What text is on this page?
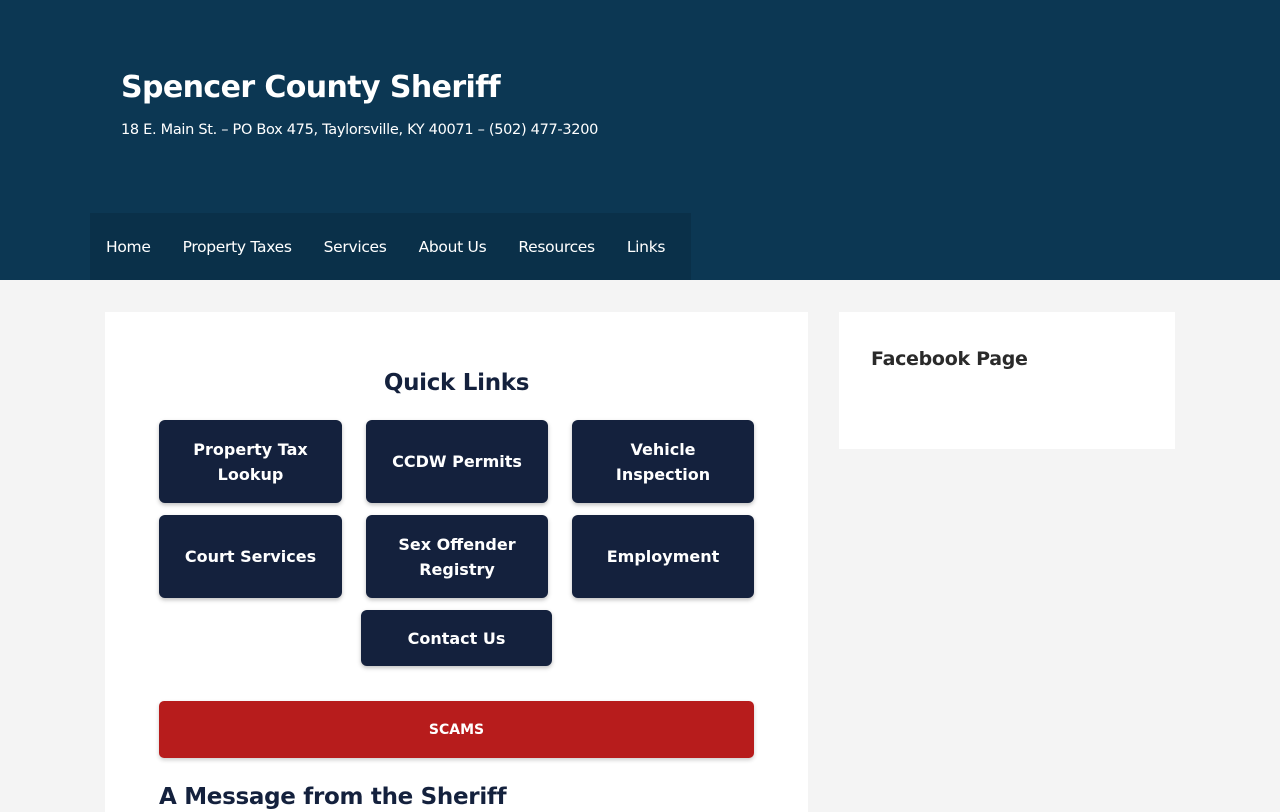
Spencer County Sheriff
18 E. Main St. – PO Box 475, Taylorsville, KY 40071 – (502) 477-3200
Home	Property Taxes	Services	About Us	Resources	Links
Quick Links
Property Tax Lookup
CCDW Permits
Vehicle Inspection
Court Services
Sex Offender Registry
Employment
Contact Us
SCAMS
A Message from the Sheriff
Facebook Page
